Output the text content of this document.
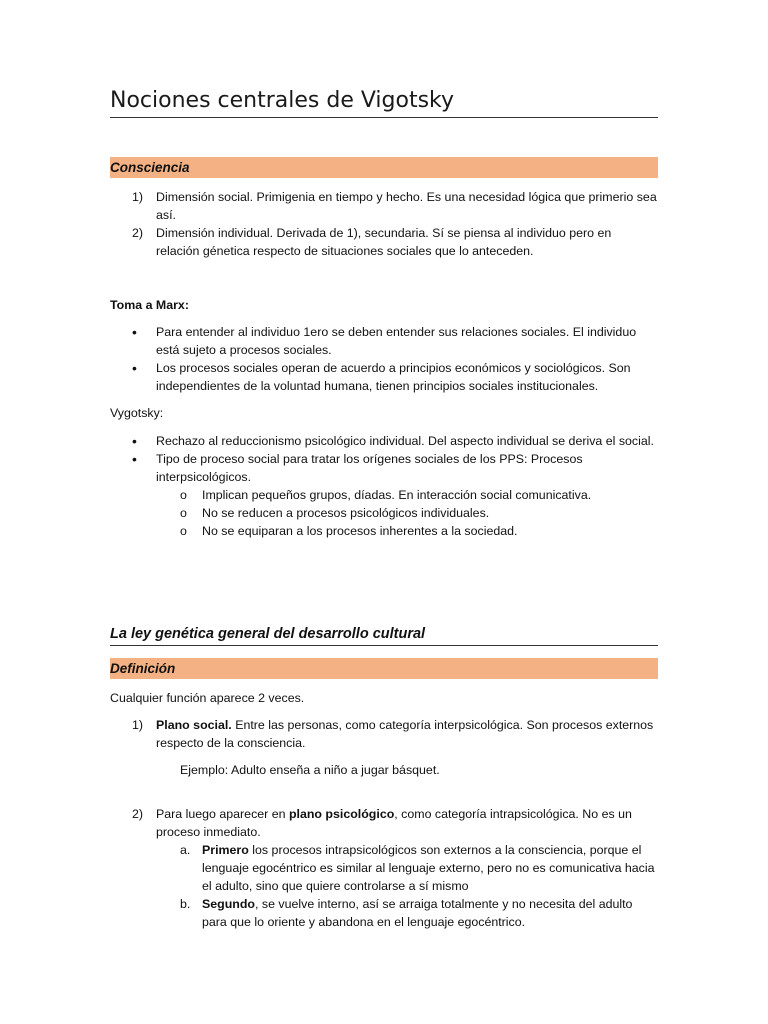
Nociones centrales de Vigotsky
Consciencia

1) Dimensión social. Primigenia en tiempo y hecho. Es una necesidad lógica que primerio sea así.

2) Dimensión individual. Derivada de 1), secundaria. Sí se piensa al individuo pero en relación génetica respecto de situaciones sociales que lo anteceden.

Toma a Marx:

• Para entender al individuo 1ero se deben entender sus relaciones sociales. El individuo está sujeto a procesos sociales.

• Los procesos sociales operan de acuerdo a principios económicos y sociológicos. Son independientes de la voluntad humana, tienen principios sociales institucionales.

Vygotsky:

• Rechazo al reduccionismo psicológico individual. Del aspecto individual se deriva el social.

• Tipo de proceso social para tratar los orígenes sociales de los PPS: Procesos interpsicológicos.

o Implican pequeños grupos, díadas. En interacción social comunicativa.

o No se reducen a procesos psicológicos individuales.

o No se equiparan a los procesos inherentes a la sociedad.

La ley genética general del desarrollo cultural
Definición

Cualquier función aparece 2 veces.

1) Plano social. Entre las personas, como categoría interpsicológica. Son procesos externos respecto de la consciencia.

Ejemplo: Adulto enseña a niño a jugar básquet.

2) Para luego aparecer en plano psicológico, como categoría intrapsicológica. No es un proceso inmediato.

a. Primero los procesos intrapsicológicos son externos a la consciencia, porque el lenguaje egocéntrico es similar al lenguaje externo, pero no es comunicativa hacia el adulto, sino que quiere controlarse a sí mismo

b. Segundo, se vuelve interno, así se arraiga totalmente y no necesita del adulto para que lo oriente y abandona en el lenguaje egocéntrico.
